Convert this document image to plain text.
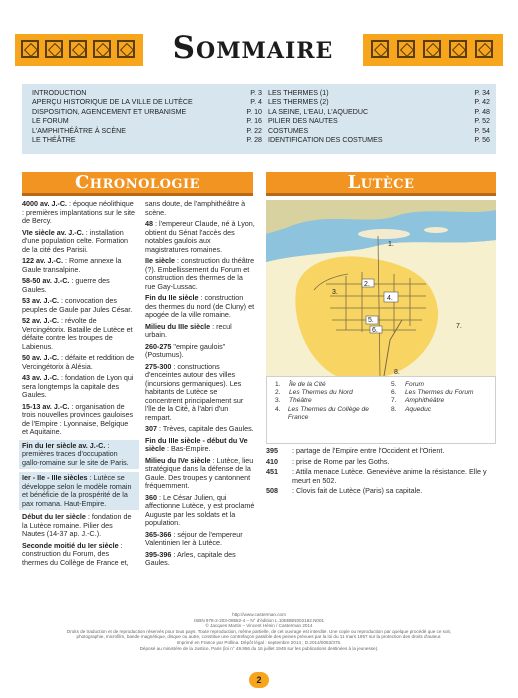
Sommaire
INTRODUCTION	P. 3
APERÇU HISTORIQUE DE LA VILLE DE LUTÈCE	P. 4
DISPOSITION, AGENCEMENT ET URBANISME	P. 10
LE FORUM	P. 16
L'AMPHITHÉÂTRE À SCÈNE	P. 22
LE THÉÂTRE	P. 28
LES THERMES (1)	P. 34
LES THERMES (2)	P. 42
LA SEINE, L'EAU, L'AQUEDUC	P. 48
PILIER DES NAUTES	P. 52
COSTUMES	P. 54
IDENTIFICATION DES COSTUMES	P. 56
Chronologie	Lutèce

4000 av. J.-C. : époque néolithique : premières implantations sur le site de Bercy.

VIe siècle av. J.-C. : installation d'une population celte. Formation de la cité des Parisii.

122 av. J.-C. : Rome annexe la Gaule transalpine.

58-50 av. J.-C. : guerre des Gaules.

53 av. J.-C. : convocation des peuples de Gaule par Jules César.

52 av. J.-C. : révolte de Vercingétorix. Bataille de Lutèce et défaite contre les troupes de Labienus.

50 av. J.-C. : défaite et reddition de Vercingétorix à Alésia.

43 av. J.-C. : fondation de Lyon qui sera longtemps la capitale des Gaules.

15-13 av. J.-C. : organisation de trois nouvelles provinces gauloises de l'Empire : Lyonnaise, Belgique et Aquitaine.

Fin du Ier siècle av. J.-C. : premières traces d'occupation gallo-romaine sur le site de Paris.

Ier - IIe - IIIe siècles : Lutèce se développe selon le modèle romain et bénéficie de la prospérité de la pax romana. Haut-Empire.

Début du Ier siècle : fondation de la Lutèce romaine. Pilier des Nautes (14-37 ap. J.-C.).

Seconde moitié du Ier siècle : construction du Forum, des thermes du Collège de France et,

sans doute, de l'amphithéâtre à scène.

48 : l'empereur Claude, né à Lyon, obtient du Sénat l'accès des notables gaulois aux magistratures romaines.

IIe siècle : construction du théâtre (?). Embellissement du Forum et construction des thermes de la rue Gay-Lussac.

Fin du IIe siècle : construction des thermes du nord (de Cluny) et apogée de la ville romaine.

Milieu du IIIe siècle : recul urbain.

260-275 "empire gaulois" (Postumus).

275-300 : constructions d'enceintes autour des villes (incursions germaniques). Les habitants de Lutèce se concentrent principalement sur l'île de la Cité, à l'abri d'un rempart.

307 : Trèves, capitale des Gaules.

Fin du IIIe siècle - début du Ve siècle : Bas-Empire.

Milieu du IVe siècle : Lutèce, lieu stratégique dans la défense de la Gaule. Des troupes y cantonnent fréquemment.

360 : Le César Julien, qui affectionne Lutèce, y est proclamé Auguste par les soldats et la population.

365-366 : séjour de l'empereur Valentinien Ier à Lutèce.

395-396 : Arles, capitale des Gaules.

1.
2.
3.
4.
5.
6.
7.
8.
1.	Île de la Cité
2.	Les Thermes du Nord
3.	Théâtre
4.	Les Thermes du Collège de France
5.	Forum
6.	Les Thermes du Forum
7.	Amphithéâtre
8.	Aqueduc
395	: partage de l'Empire entre l'Occident et l'Orient.
410	: prise de Rome par les Goths.
451	: Attila menace Lutèce. Geneviève anime la résistance. Elle y meurt en 502.
508	: Clovis fait de Lutèce (Paris) sa capitale.
http://www.casterman.com
ISBN 978-2-203-08582-4 – N° d'édition L.10EBBN002162.N001
© Jacques Martin – Vincent Hénin / Casterman 2014
Droits de traduction et de reproduction réservés pour tous pays. Toute reproduction, même partielle, de cet ouvrage est interdite. Une copie ou reproduction par quelque procédé que ce soit, photographie, microfilm, bande magnétique, disque ou autre, constitue une contrefaçon passible des peines prévues par la loi du 11 mars 1957 sur la protection des droits d'auteur.
Imprimé en France par Pollina. Dépôt légal : septembre 2014 ; D.2014/0053/375.
Déposé au ministère de la Justice, Paris (loi n° 49.956 du 16 juillet 1949 sur les publications destinées à la jeunesse).
2
